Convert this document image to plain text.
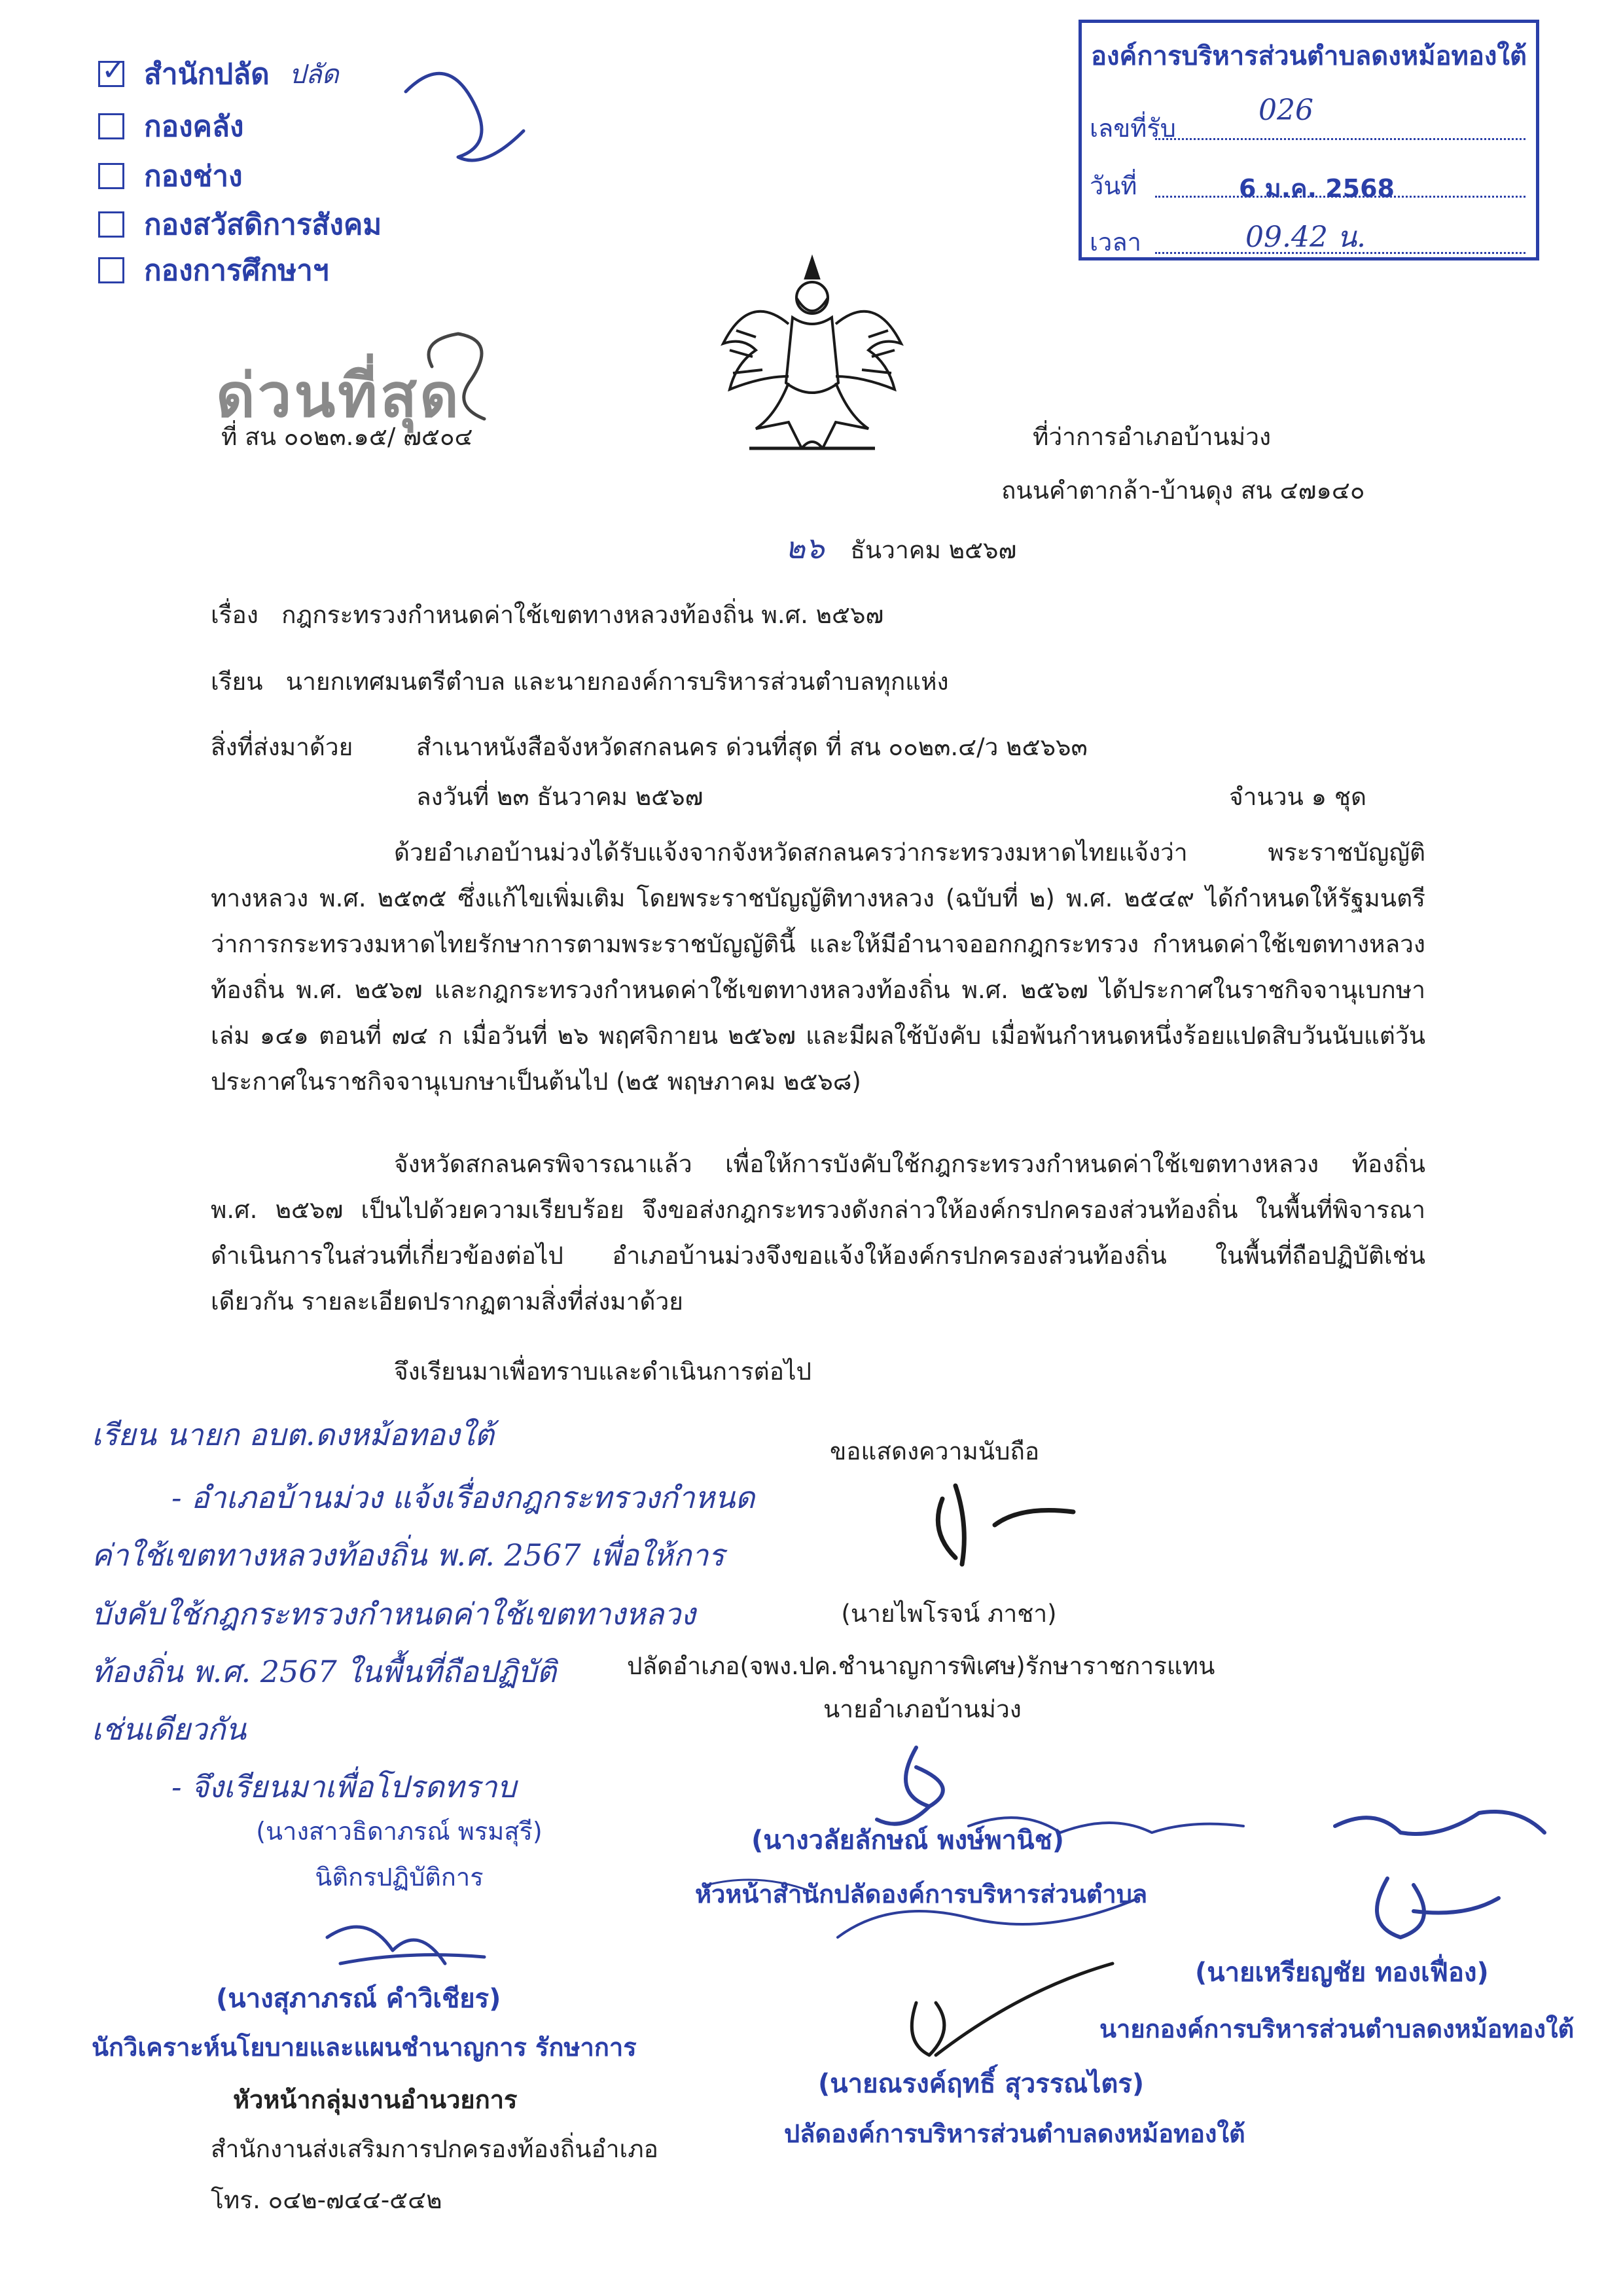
✓ สำนักปลัด ปลัด
กองคลัง
กองช่าง
กองสวัสดิการสังคม
กองการศึกษาฯ
องค์การบริหารส่วนตำบลดงหม้อทองใต้
เลขที่รับ
026
วันที่	6 ม.ค. 2568
เวลา	09.42 น.
ด่วนที่สุด
ที่ สน ๐๐๒๓.๑๕/ ๗๕๐๔	ที่ว่าการอำเภอบ้านม่วง
ถนนคำตากล้า-บ้านดุง สน ๔๗๑๔๐
๒๖ ธันวาคม ๒๕๖๗
เรื่อง กฎกระทรวงกำหนดค่าใช้เขตทางหลวงท้องถิ่น พ.ศ. ๒๕๖๗
เรียน นายกเทศมนตรีตำบล และนายกองค์การบริหารส่วนตำบลทุกแห่ง
สิ่งที่ส่งมาด้วย	สำเนาหนังสือจังหวัดสกลนคร ด่วนที่สุด ที่ สน ๐๐๒๓.๔/ว ๒๕๖๖๓
ลงวันที่ ๒๓ ธันวาคม ๒๕๖๗	จำนวน ๑ ชุด
ด้วยอำเภอบ้านม่วงได้รับแจ้งจากจังหวัดสกลนครว่ากระทรวงมหาดไทยแจ้งว่า พระราชบัญญัติทางหลวง พ.ศ. ๒๕๓๕ ซึ่งแก้ไขเพิ่มเติม โดยพระราชบัญญัติทางหลวง (ฉบับที่ ๒) พ.ศ. ๒๕๔๙ ได้กำหนดให้รัฐมนตรีว่าการกระทรวงมหาดไทยรักษาการตามพระราชบัญญัตินี้ และให้มีอำนาจออกกฎกระทรวง กำหนดค่าใช้เขตทางหลวงท้องถิ่น พ.ศ. ๒๕๖๗ และกฎกระทรวงกำหนดค่าใช้เขตทางหลวงท้องถิ่น พ.ศ. ๒๕๖๗ ได้ประกาศในราชกิจจานุเบกษา เล่ม ๑๔๑ ตอนที่ ๗๔ ก เมื่อวันที่ ๒๖ พฤศจิกายน ๒๕๖๗ และมีผลใช้บังคับ เมื่อพ้นกำหนดหนึ่งร้อยแปดสิบวันนับแต่วันประกาศในราชกิจจานุเบกษาเป็นต้นไป (๒๕ พฤษภาคม ๒๕๖๘)
จังหวัดสกลนครพิจารณาแล้ว เพื่อให้การบังคับใช้กฎกระทรวงกำหนดค่าใช้เขตทางหลวง ท้องถิ่น พ.ศ. ๒๕๖๗ เป็นไปด้วยความเรียบร้อย จึงขอส่งกฎกระทรวงดังกล่าวให้องค์กรปกครองส่วนท้องถิ่น ในพื้นที่พิจารณาดำเนินการในส่วนที่เกี่ยวข้องต่อไป อำเภอบ้านม่วงจึงขอแจ้งให้องค์กรปกครองส่วนท้องถิ่น ในพื้นที่ถือปฏิบัติเช่นเดียวกัน รายละเอียดปรากฏตามสิ่งที่ส่งมาด้วย
จึงเรียนมาเพื่อทราบและดำเนินการต่อไป
ขอแสดงความนับถือ
(นายไพโรจน์ ภาชา)
ปลัดอำเภอ(จพง.ปค.ชำนาญการพิเศษ)รักษาราชการแทน
นายอำเภอบ้านม่วง
เรียน นายก อบต.ดงหม้อทองใต้
- อำเภอบ้านม่วง แจ้งเรื่องกฎกระทรวงกำหนด
ค่าใช้เขตทางหลวงท้องถิ่น พ.ศ. 2567 เพื่อให้การ
บังคับใช้กฎกระทรวงกำหนดค่าใช้เขตทางหลวง
ท้องถิ่น พ.ศ. 2567 ในพื้นที่ถือปฏิบัติ
เช่นเดียวกัน
- จึงเรียนมาเพื่อโปรดทราบ
(นางสาวธิดาภรณ์ พรมสุรี)
นิติกรปฏิบัติการ
(นางวลัยลักษณ์ พงษ์พานิช)
หัวหน้าสำนักปลัดองค์การบริหารส่วนตำบล
(นายเหรียญชัย ทองเฟื่อง)
นายกองค์การบริหารส่วนตำบลดงหม้อทองใต้
(นางสุภาภรณ์ คำวิเชียร)
นักวิเคราะห์นโยบายและแผนชำนาญการ รักษาการ
หัวหน้ากลุ่มงานอำนวยการ
(นายณรงค์ฤทธิ์ สุวรรณไตร)
ปลัดองค์การบริหารส่วนตำบลดงหม้อทองใต้
สำนักงานส่งเสริมการปกครองท้องถิ่นอำเภอ
โทร. ๐๔๒-๗๔๔-๕๔๒
